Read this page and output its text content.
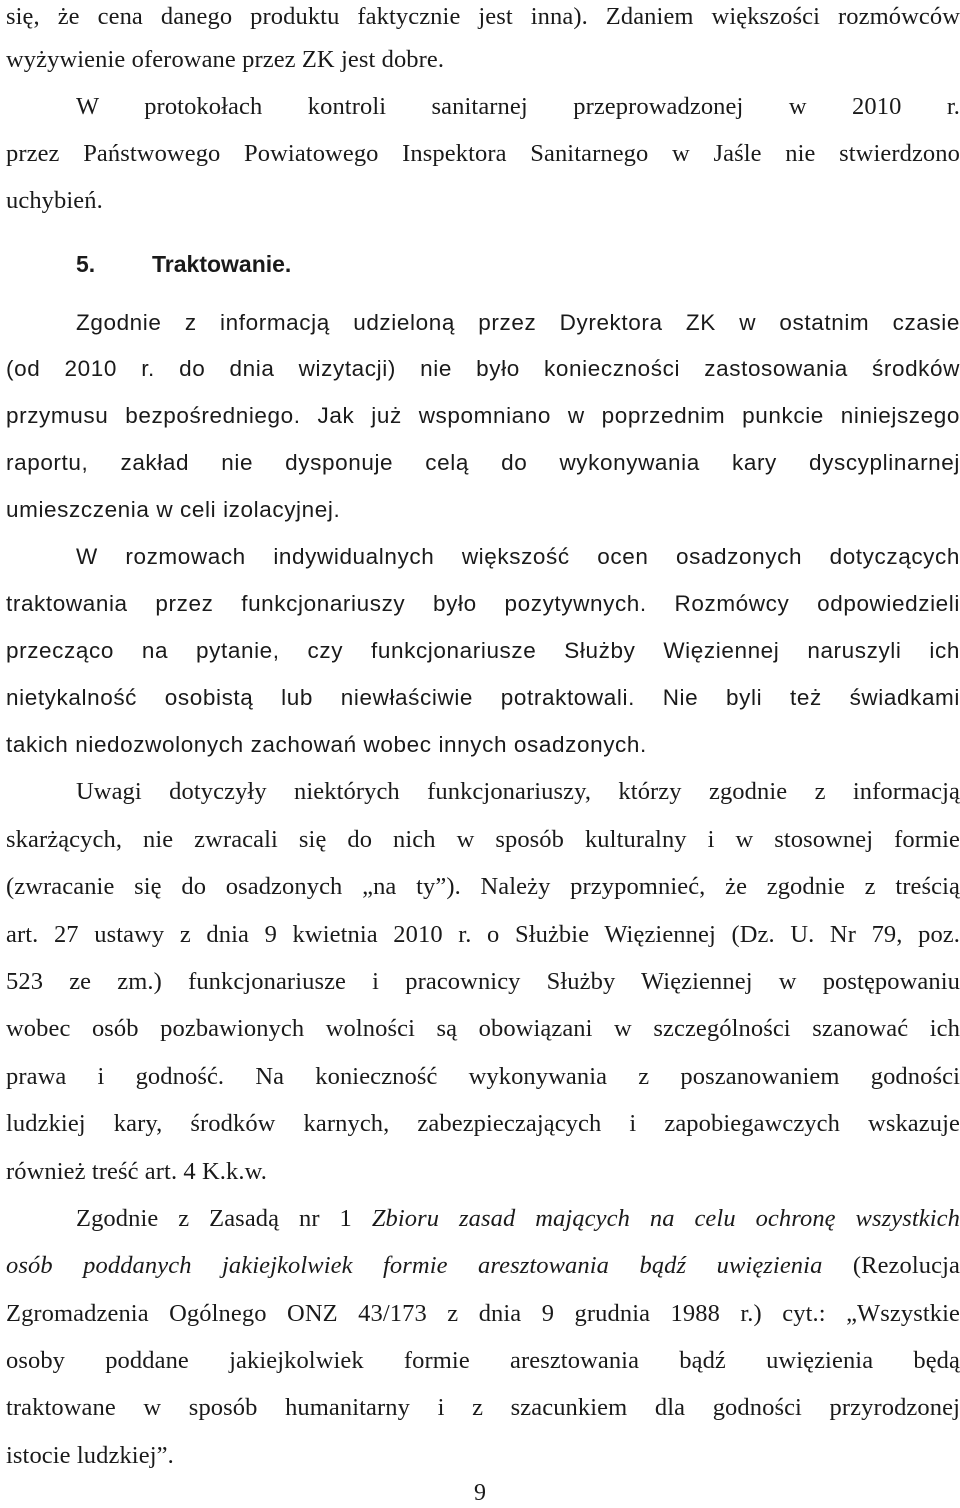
się, że cena danego produktu faktycznie jest inna). Zdaniem większości rozmówców
wyżywienie oferowane przez ZK jest dobre.
W protokołach kontroli sanitarnej przeprowadzonej w 2010 r.
przez Państwowego Powiatowego Inspektora Sanitarnego w Jaśle nie stwierdzono
uchybień.
5. Traktowanie.
Zgodnie z informacją udzieloną przez Dyrektora ZK w ostatnim czasie
(od 2010 r. do dnia wizytacji) nie było konieczności zastosowania środków
przymusu bezpośredniego. Jak już wspomniano w poprzednim punkcie niniejszego
raportu, zakład nie dysponuje celą do wykonywania kary dyscyplinarnej
umieszczenia w celi izolacyjnej.
W rozmowach indywidualnych większość ocen osadzonych dotyczących
traktowania przez funkcjonariuszy było pozytywnych. Rozmówcy odpowiedzieli
przecząco na pytanie, czy funkcjonariusze Służby Więziennej naruszyli ich
nietykalność osobistą lub niewłaściwie potraktowali. Nie byli też świadkami
takich niedozwolonych zachowań wobec innych osadzonych.
Uwagi dotyczyły niektórych funkcjonariuszy, którzy zgodnie z informacją
skarżących, nie zwracali się do nich w sposób kulturalny i w stosownej formie
(zwracanie się do osadzonych „na ty”). Należy przypomnieć, że zgodnie z treścią
art. 27 ustawy z dnia 9 kwietnia 2010 r. o Służbie Więziennej (Dz. U. Nr 79, poz.
523 ze zm.) funkcjonariusze i pracownicy Służby Więziennej w postępowaniu
wobec osób pozbawionych wolności są obowiązani w szczególności szanować ich
prawa i godność. Na konieczność wykonywania z poszanowaniem godności
ludzkiej kary, środków karnych, zabezpieczających i zapobiegawczych wskazuje
również treść art. 4 K.k.w.
Zgodnie z Zasadą nr 1 Zbioru zasad mających na celu ochronę wszystkich
osób poddanych jakiejkolwiek formie aresztowania bądź uwięzienia (Rezolucja
Zgromadzenia Ogólnego ONZ 43/173 z dnia 9 grudnia 1988 r.) cyt.: „Wszystkie
osoby poddane jakiejkolwiek formie aresztowania bądź uwięzienia będą
traktowane w sposób humanitarny i z szacunkiem dla godności przyrodzonej
istocie ludzkiej”.
9
